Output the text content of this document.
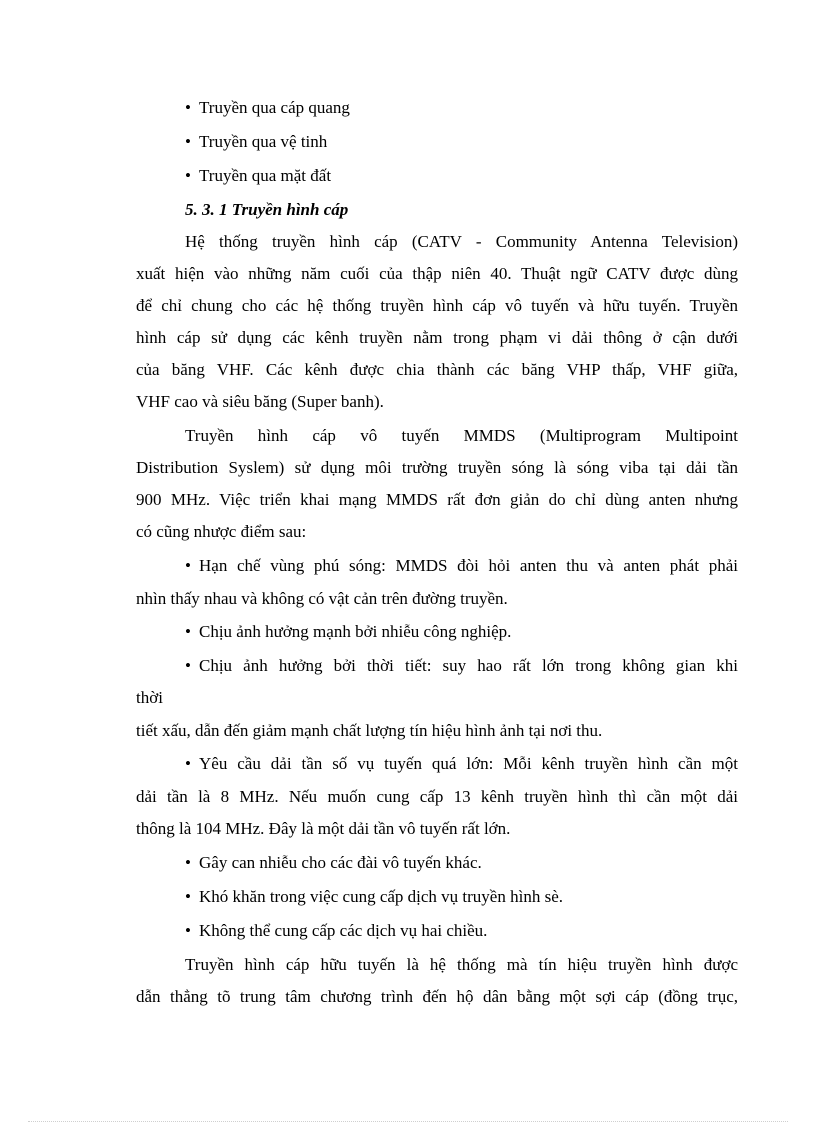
• Truyền qua cáp quang
• Truyền qua vệ tinh
• Truyền qua mặt đất
5. 3. 1 Truyền hình cáp
Hệ thống truyền hình cáp (CATV - Community Antenna Television)
xuất hiện vào những năm cuối của thập niên 40. Thuật ngữ CATV được dùng
để chỉ chung cho các hệ thống truyền hình cáp vô tuyến và hữu tuyến. Truyền
hình cáp sử dụng các kênh truyền nằm trong phạm vi dải thông ở cận dưới
của băng VHF. Các kênh được chia thành các băng VHP thấp, VHF giữa,
VHF cao và siêu băng (Super banh).
Truyền hình cáp vô tuyến MMDS (Multiprogram Multipoint
Distribution Syslem) sử dụng môi trường truyền sóng là sóng viba tại dải tần
900 MHz. Việc triển khai mạng MMDS rất đơn giản do chỉ dùng anten nhưng
có cũng nhược điểm sau:
• Hạn chế vùng phú sóng: MMDS đòi hỏi anten thu và anten phát phải
nhìn thấy nhau và không có vật cản trên đường truyền.
• Chịu ảnh hưởng mạnh bởi nhiễu công nghiệp.
• Chịu ảnh hưởng bởi thời tiết: suy hao rất lớn trong không gian khi
thời
tiết xấu, dẫn đến giảm mạnh chất lượng tín hiệu hình ảnh tại nơi thu.
• Yêu cầu dải tần số vụ tuyến quá lớn: Mỗi kênh truyền hình cần một
dải tần là 8 MHz. Nếu muốn cung cấp 13 kênh truyền hình thì cần một dải
thông là 104 MHz. Đây là một dải tần vô tuyến rất lớn.
• Gây can nhiễu cho các đài vô tuyến khác.
• Khó khăn trong việc cung cấp dịch vụ truyền hình sè.
• Không thể cung cấp các dịch vụ hai chiều.
Truyền hình cáp hữu tuyến là hệ thống mà tín hiệu truyền hình được
dẫn thẳng tõ trung tâm chương trình đến hộ dân bằng một sợi cáp (đồng trục,
